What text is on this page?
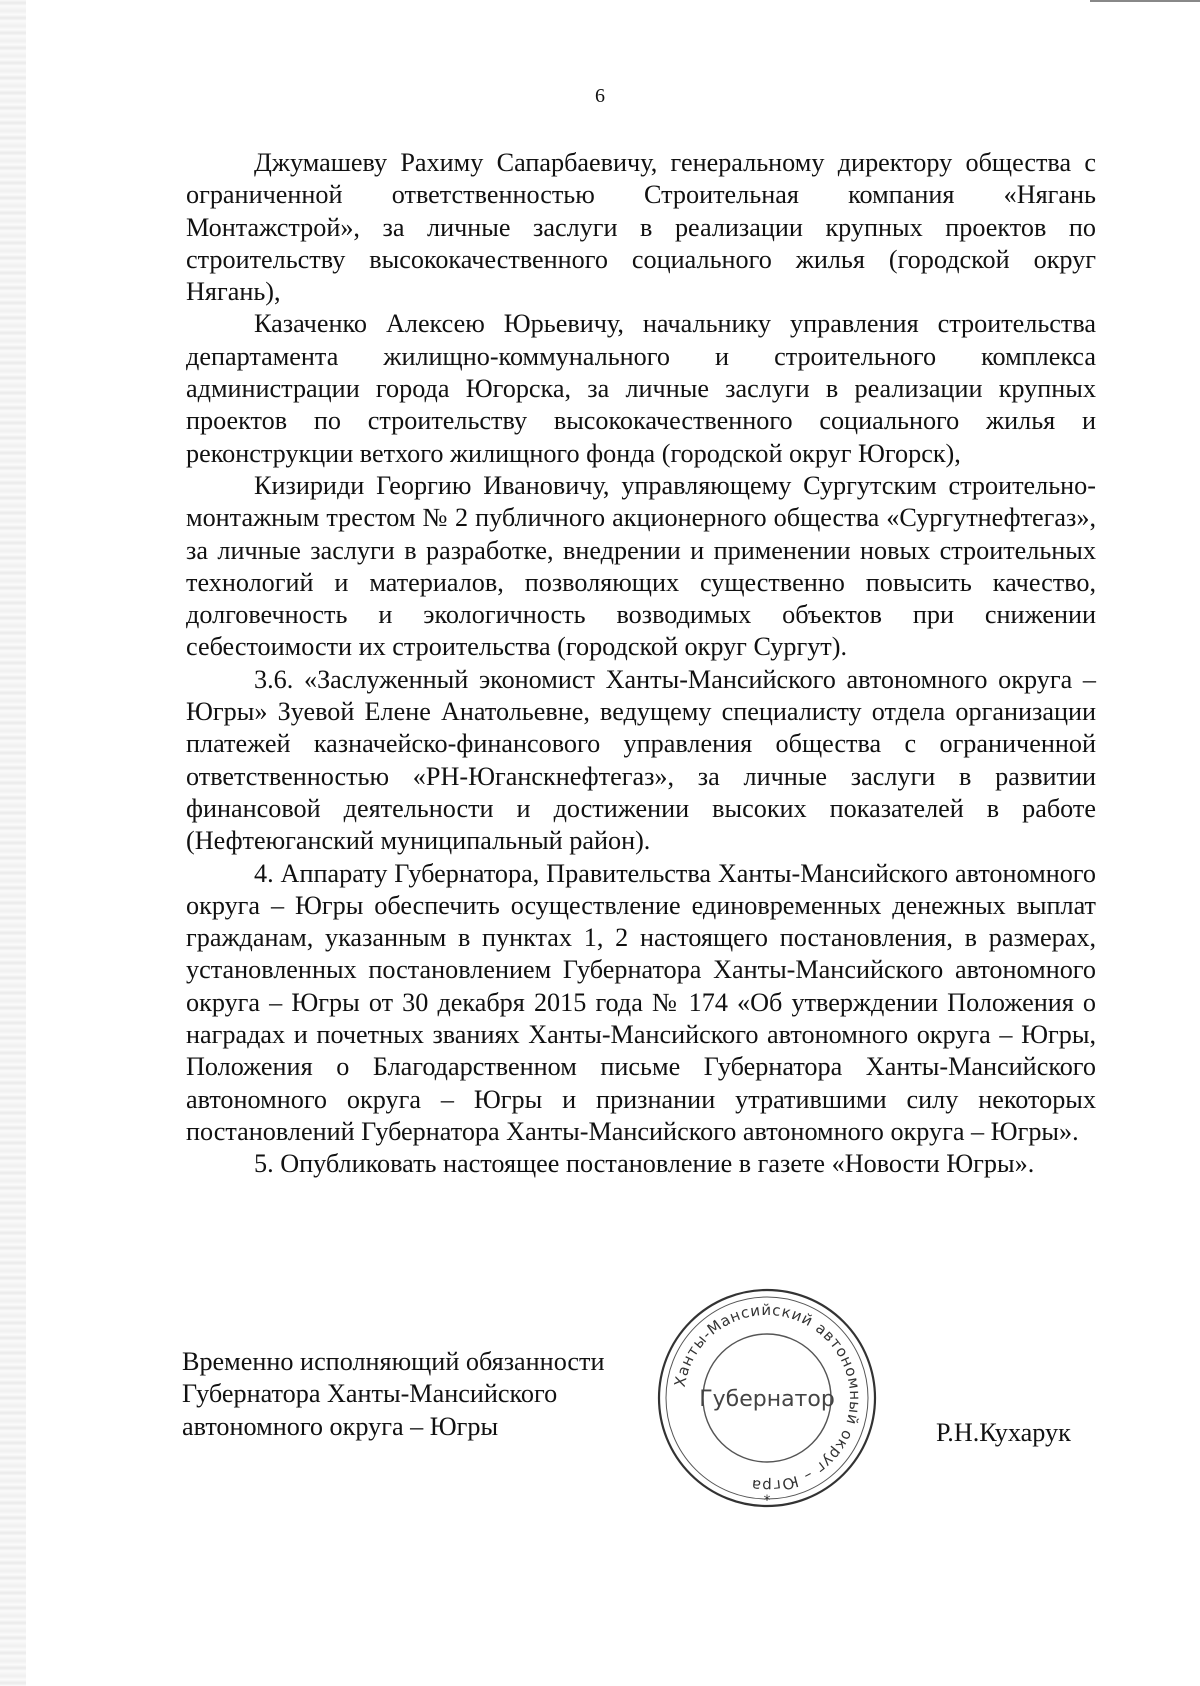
6

Джумашеву Рахиму Сапарбаевичу, генеральному директору общества с ограниченной ответственностью Строительная компания «Нягань Монтажстрой», за личные заслуги в реализации крупных проектов по строительству высококачественного социального жилья (городской округ Нягань),

Казаченко Алексею Юрьевичу, начальнику управления строительства департамента жилищно-коммунального и строительного комплекса администрации города Югорска, за личные заслуги в реализации крупных проектов по строительству высококачественного социального жилья и реконструкции ветхого жилищного фонда (городской округ Югорск),

Кизириди Георгию Ивановичу, управляющему Сургутским строительно-монтажным трестом № 2 публичного акционерного общества «Сургутнефтегаз», за личные заслуги в разработке, внедрении и применении новых строительных технологий и материалов, позволяющих существенно повысить качество, долговечность и экологичность возводимых объектов при снижении себестоимости их строительства (городской округ Сургут).

3.6. «Заслуженный экономист Ханты-Мансийского автономного округа – Югры» Зуевой Елене Анатольевне, ведущему специалисту отдела организации платежей казначейско-финансового управления общества с ограниченной ответственностью «РН-Юганскнефтегаз», за личные заслуги в развитии финансовой деятельности и достижении высоких показателей в работе (Нефтеюганский муниципальный район).

4. Аппарату Губернатора, Правительства Ханты-Мансийского автономного округа – Югры обеспечить осуществление единовременных денежных выплат гражданам, указанным в пунктах 1, 2 настоящего постановления, в размерах, установленных постановлением Губернатора Ханты-Мансийского автономного округа – Югры от 30 декабря 2015 года № 174 «Об утверждении Положения о наградах и почетных званиях Ханты-Мансийского автономного округа – Югры, Положения о Благодарственном письме Губернатора Ханты-Мансийского автономного округа – Югры и признании утратившими силу некоторых постановлений Губернатора Ханты-Мансийского автономного округа – Югры».

5. Опубликовать настоящее постановление в газете «Новости Югры».

Временно исполняющий обязанности
Губернатора Ханты-Мансийского
автономного округа – Югры
Ханты-Мансийский автономный округ – Югра
Губернатор
*
Р.Н.Кухарук
